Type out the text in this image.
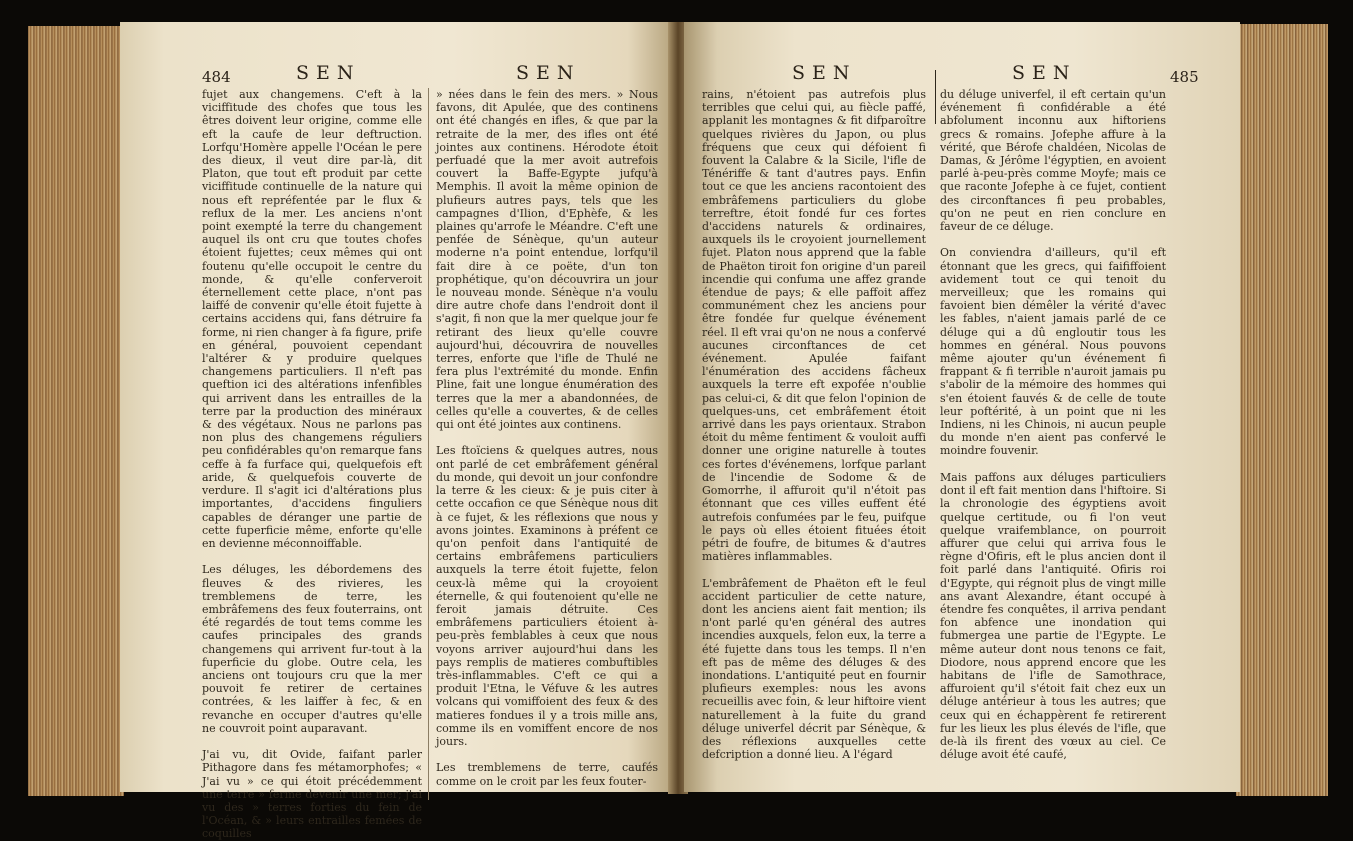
484	SEN	SEN
fujet aux changemens. C'eft à la viciffitude des chofes que tous les êtres doivent leur origine, comme elle eft la caufe de leur deftruction. Lorfqu'Homère appelle l'Océan le pere des dieux, il veut dire par-là, dit Platon, que tout eft produit par cette viciffitude continuelle de la nature qui nous eft repréfentée par le flux & reflux de la mer. Les anciens n'ont point exempté la terre du changement auquel ils ont cru que toutes chofes étoient fujettes; ceux mêmes qui ont foutenu qu'elle occupoit le centre du monde, & qu'elle conferveroit éternellement cette place, n'ont pas laiffé de convenir qu'elle étoit fujette à certains accidens qui, fans détruire fa forme, ni rien changer à fa figure, prife en général, pouvoient cependant l'altérer & y produire quelques changemens particuliers. Il n'eft pas queftion ici des altérations infenfibles qui arrivent dans les entrailles de la terre par la production des minéraux & des végétaux. Nous ne parlons pas non plus des changemens réguliers peu confidérables qu'on remarque fans ceffe à fa furface qui, quelquefois eft aride, & quelquefois couverte de verdure. Il s'agit ici d'altérations plus importantes, d'accidens finguliers capables de déranger une partie de cette fuperficie même, enforte qu'elle en devienne méconnoiffable.

Les déluges, les débordemens des fleuves & des rivieres, les tremblemens de terre, les embrâfemens des feux fouterrains, ont été regardés de tout tems comme les caufes principales des grands changemens qui arrivent fur-tout à la fuperficie du globe. Outre cela, les anciens ont toujours cru que la mer pouvoit fe retirer de certaines contrées, & les laiffer à fec, & en revanche en occuper d'autres qu'elle ne couvroit point auparavant.

J'ai vu, dit Ovide, faifant parler Pithagore dans fes métamorphofes; « J'ai vu » ce qui étoit précédemment une terre » ferme devenir une mer; j'ai vu des » terres forties du fein de l'Océan, & » leurs entrailles femées de coquilles
» nées dans le fein des mers. » Nous favons, dit Apulée, que des continens ont été changés en ifles, & que par la retraite de la mer, des ifles ont été jointes aux continens. Hérodote étoit perfuadé que la mer avoit autrefois couvert la Baffe-Egypte jufqu'à Memphis. Il avoit la même opinion de plufieurs autres pays, tels que les campagnes d'Ilion, d'Ephèfe, & les plaines qu'arrofe le Méandre. C'eft une penfée de Sénèque, qu'un auteur moderne n'a point entendue, lorfqu'il fait dire à ce poëte, d'un ton prophétique, qu'on découvrira un jour le nouveau monde. Sénèque n'a voulu dire autre chofe dans l'endroit dont il s'agit, fi non que la mer quelque jour fe retirant des lieux qu'elle couvre aujourd'hui, découvrira de nouvelles terres, enforte que l'ifle de Thulé ne fera plus l'extrémité du monde. Enfin Pline, fait une longue énumération des terres que la mer a abandonnées, de celles qu'elle a couvertes, & de celles qui ont été jointes aux continens.

Les ftoïciens & quelques autres, nous ont parlé de cet embrâfement général du monde, qui devoit un jour confondre la terre & les cieux: & je puis citer à cette occafion ce que Sénèque nous dit à ce fujet, & les réflexions que nous y avons jointes. Examinons à préfent ce qu'on penfoit dans l'antiquité de certains embrâfemens particuliers auxquels la terre étoit fujette, felon ceux-là même qui la croyoient éternelle, & qui foutenoient qu'elle ne feroit jamais détruite. Ces embrâfemens particuliers étoient à-peu-près femblables à ceux que nous voyons arriver aujourd'hui dans les pays remplis de matieres combuftibles très-inflammables. C'eft ce qui a produit l'Etna, le Véfuve & les autres volcans qui vomiffoient des feux & des matieres fondues il y a trois mille ans, comme ils en vomiffent encore de nos jours.

Les tremblemens de terre, caufés comme on le croit par les feux fouter-
SEN	SEN	485
rains, n'étoient pas autrefois plus terribles que celui qui, au fiècle paffé, applanit les montagnes & fit difparoître quelques rivières du Japon, ou plus fréquens que ceux qui défoient fi fouvent la Calabre & la Sicile, l'ifle de Ténériffe & tant d'autres pays. Enfin tout ce que les anciens racontoient des embrâfemens particuliers du globe terreftre, étoit fondé fur ces fortes d'accidens naturels & ordinaires, auxquels ils le croyoient journellement fujet. Platon nous apprend que la fable de Phaëton tiroit fon origine d'un pareil incendie qui confuma une affez grande étendue de pays; & elle paffoit affez communément chez les anciens pour être fondée fur quelque événement réel. Il eft vrai qu'on ne nous a confervé aucunes circonftances de cet événement. Apulée faifant l'énumération des accidens fâcheux auxquels la terre eft expofée n'oublie pas celui-ci, & dit que felon l'opinion de quelques-uns, cet embrâfement étoit arrivé dans les pays orientaux. Strabon étoit du même fentiment & vouloit auffi donner une origine naturelle à toutes ces fortes d'événemens, lorfque parlant de l'incendie de Sodome & de Gomorrhe, il affuroit qu'il n'étoit pas étonnant que ces villes euffent été autrefois confumées par le feu, puifque le pays où elles étoient fituées étoit pétri de foufre, de bitumes & d'autres matières inflammables.

L'embrâfement de Phaëton eft le feul accident particulier de cette nature, dont les anciens aient fait mention; ils n'ont parlé qu'en général des autres incendies auxquels, felon eux, la terre a été fujette dans tous les temps. Il n'en eft pas de même des déluges & des inondations. L'antiquité peut en fournir plufieurs exemples: nous les avons recueillis avec foin, & leur hiftoire vient naturellement à la fuite du grand déluge univerfel décrit par Sénèque, & des réflexions auxquelles cette defcription a donné lieu. A l'égard
du déluge univerfel, il eft certain qu'un événement fi confidérable a été abfolument inconnu aux hiftoriens grecs & romains. Jofephe affure à la vérité, que Bérofe chaldéen, Nicolas de Damas, & Jérôme l'égyptien, en avoient parlé à-peu-près comme Moyfe; mais ce que raconte Jofephe à ce fujet, contient des circonftances fi peu probables, qu'on ne peut en rien conclure en faveur de ce déluge.

On conviendra d'ailleurs, qu'il eft étonnant que les grecs, qui faififfoient avidement tout ce qui tenoit du merveilleux; que les romains qui favoient bien démêler la vérité d'avec les fables, n'aient jamais parlé de ce déluge qui a dû engloutir tous les hommes en général. Nous pouvons même ajouter qu'un événement fi frappant & fi terrible n'auroit jamais pu s'abolir de la mémoire des hommes qui s'en étoient fauvés & de celle de toute leur poftérité, à un point que ni les Indiens, ni les Chinois, ni aucun peuple du monde n'en aient pas confervé le moindre fouvenir.

Mais paffons aux déluges particuliers dont il eft fait mention dans l'hiftoire. Si la chronologie des égyptiens avoit quelque certitude, ou fi l'on veut quelque vraifemblance, on pourroit affurer que celui qui arriva fous le règne d'Ofiris, eft le plus ancien dont il foit parlé dans l'antiquité. Ofiris roi d'Egypte, qui régnoit plus de vingt mille ans avant Alexandre, étant occupé à étendre fes conquêtes, il arriva pendant fon abfence une inondation qui fubmergea une partie de l'Egypte. Le même auteur dont nous tenons ce fait, Diodore, nous apprend encore que les habitans de l'ifle de Samothrace, affuroient qu'il s'étoit fait chez eux un déluge antérieur à tous les autres; que ceux qui en échappèrent fe retirerent fur les lieux les plus élevés de l'ifle, que de-là ils firent des vœux au ciel. Ce déluge avoit été caufé,
